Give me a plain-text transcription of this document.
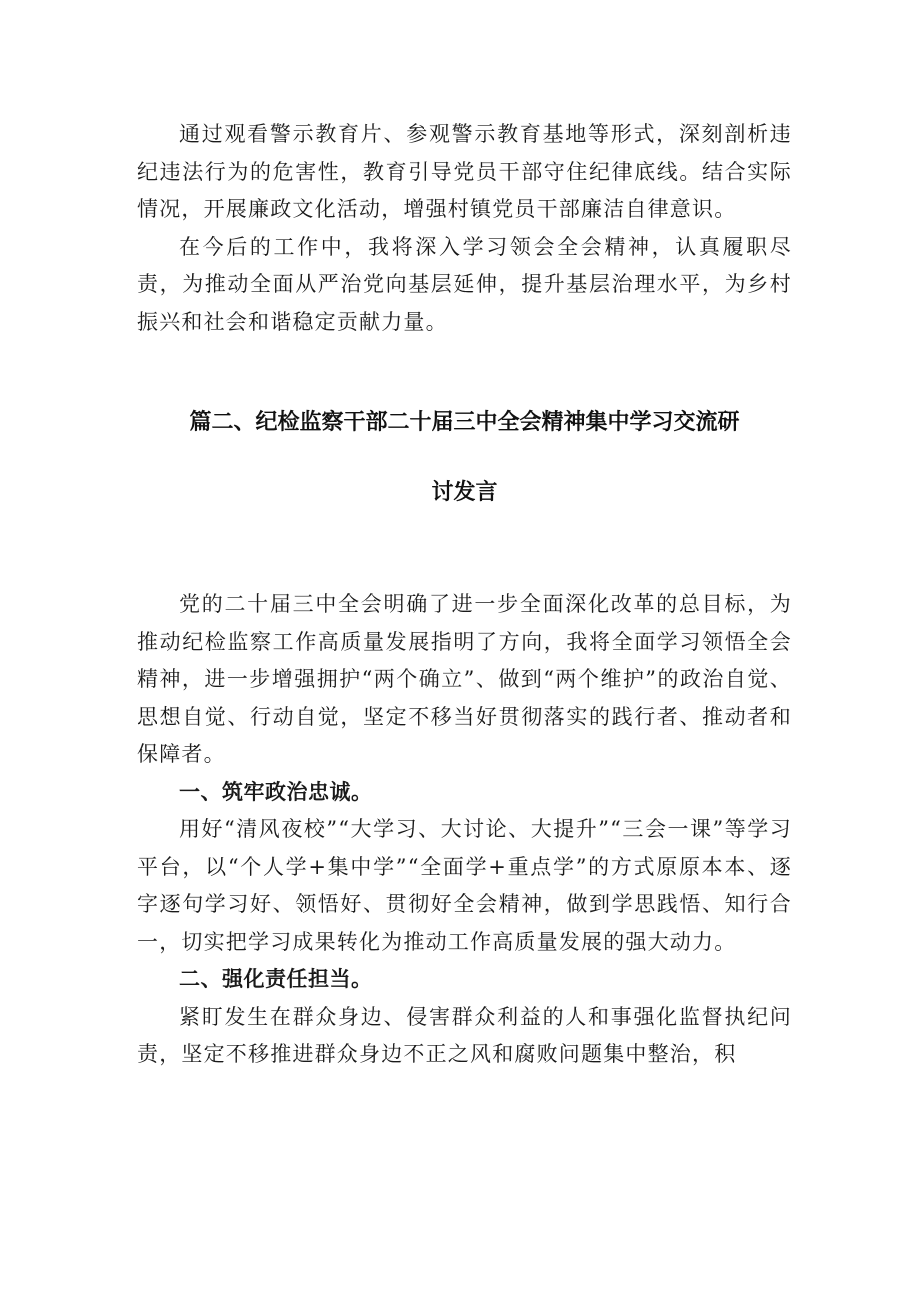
通过观看警示教育片、参观警示教育基地等形式，深刻剖析违纪违法行为的危害性，教育引导党员干部守住纪律底线。结合实际情况，开展廉政文化活动，增强村镇党员干部廉洁自律意识。

在今后的工作中，我将深入学习领会全会精神，认真履职尽责，为推动全面从严治党向基层延伸，提升基层治理水平，为乡村振兴和社会和谐稳定贡献力量。

篇二、纪检监察干部二十届三中全会精神集中学习交流研
讨发言

党的二十届三中全会明确了进一步全面深化改革的总目标，为推动纪检监察工作高质量发展指明了方向，我将全面学习领悟全会精神，进一步增强拥护“两个确立”、做到“两个维护”的政治自觉、思想自觉、行动自觉，坚定不移当好贯彻落实的践行者、推动者和保障者。

一、筑牢政治忠诚。

用好“清风夜校”“大学习、大讨论、大提升”“三会一课”等学习平台，以“个人学+集中学”“全面学+重点学”的方式原原本本、逐字逐句学习好、领悟好、贯彻好全会精神，做到学思践悟、知行合一，切实把学习成果转化为推动工作高质量发展的强大动力。

二、强化责任担当。

紧盯发生在群众身边、侵害群众利益的人和事强化监督执纪问责，坚定不移推进群众身边不正之风和腐败问题集中整治，积
